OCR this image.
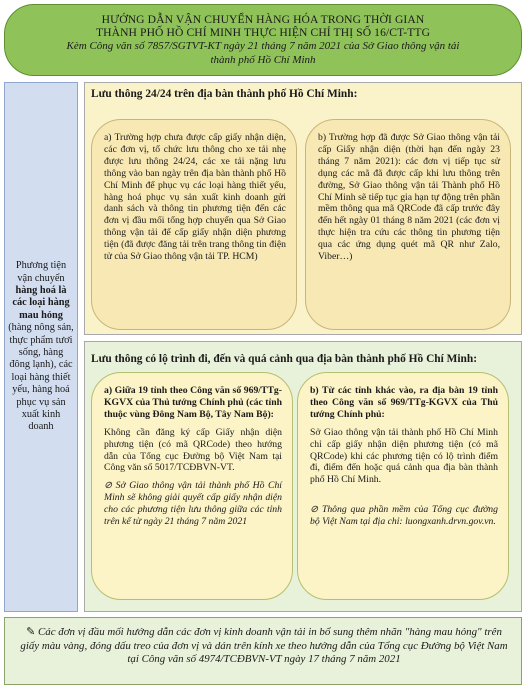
HƯỚNG DẪN VẬN CHUYỂN HÀNG HÓA TRONG THỜI GIAN
THÀNH PHỐ HỒ CHÍ MINH THỰC HIỆN CHỈ THỊ SỐ 16/CT-TTG
Kèm Công văn số 7857/SGTVT-KT ngày 21 tháng 7 năm 2021 của Sở Giao thông vận tải
thành phố Hồ Chí Minh
Phương tiện vận chuyển hàng hoá là các loại hàng mau hỏng (hàng nông sản, thực phẩm tươi sống, hàng đông lạnh), các loại hàng thiết yếu, hàng hoá phục vụ sản xuất kinh doanh
Lưu thông 24/24 trên địa bàn thành phố Hồ Chí Minh:
a) Trường hợp chưa được cấp giấy nhận diện, các đơn vị, tổ chức lưu thông cho xe tải nhẹ được lưu thông 24/24, các xe tải nặng lưu thông vào ban ngày trên địa bàn thành phố Hồ Chí Minh để phục vụ các loại hàng thiết yếu, hàng hoá phục vụ sản xuất kinh doanh gửi danh sách và thông tin phương tiện đến các đơn vị đầu mối tổng hợp chuyển qua Sở Giao thông vận tải để cấp giấy nhận diện phương tiện (đã được đăng tải trên trang thông tin điện tử của Sở Giao thông vận tải TP. HCM)
b) Trường hợp đã được Sở Giao thông vận tải cấp Giấy nhận diện (thời hạn đến ngày 23 tháng 7 năm 2021): các đơn vị tiếp tục sử dụng các mã đã được cấp khi lưu thông trên đường, Sở Giao thông vận tải Thành phố Hồ Chí Minh sẽ tiếp tục gia hạn tự động trên phần mềm thông qua mã QRCode đã cấp trước đây đến hết ngày 01 tháng 8 năm 2021 (các đơn vị thực hiện tra cứu các thông tin phương tiện qua các ứng dụng quét mã QR như Zalo, Viber…)
Lưu thông có lộ trình đi, đến và quá cảnh qua địa bàn thành phố Hồ Chí Minh:
a) Giữa 19 tỉnh theo Công văn số 969/TTg-KGVX của Thủ tướng Chính phủ (các tỉnh thuộc vùng Đông Nam Bộ, Tây Nam Bộ):
Không cần đăng ký cấp Giấy nhận diện phương tiện (có mã QRCode) theo hướng dẫn của Tổng cục Đường bộ Việt Nam tại Công văn số 5017/TCĐBVN-VT.
⊘ Sở Giao thông vận tải thành phố Hồ Chí Minh sẽ không giải quyết cấp giấy nhận diện cho các phương tiện lưu thông giữa các tỉnh trên kể từ ngày 21 tháng 7 năm 2021
b) Từ các tỉnh khác vào, ra địa bàn 19 tỉnh theo Công văn số 969/TTg-KGVX của Thủ tướng Chính phủ:
Sở Giao thông vận tải thành phố Hồ Chí Minh chỉ cấp giấy nhận diện phương tiện (có mã QRCode) khi các phương tiện có lộ trình điểm đi, điểm đến hoặc quá cảnh qua địa bàn thành phố Hồ Chí Minh.
⊘ Thông qua phần mềm của Tổng cục đường bộ Việt Nam tại địa chỉ: luongxanh.drvn.gov.vn.
✎ Các đơn vị đầu mối hướng dẫn các đơn vị kinh doanh vận tải in bổ sung thêm nhãn "hàng mau hỏng" trên giấy màu vàng, đóng dấu treo của đơn vị và dán trên kính xe theo hướng dẫn của Tổng cục Đường bộ Việt Nam tại Công văn số 4974/TCĐBVN-VT ngày 17 tháng 7 năm 2021
